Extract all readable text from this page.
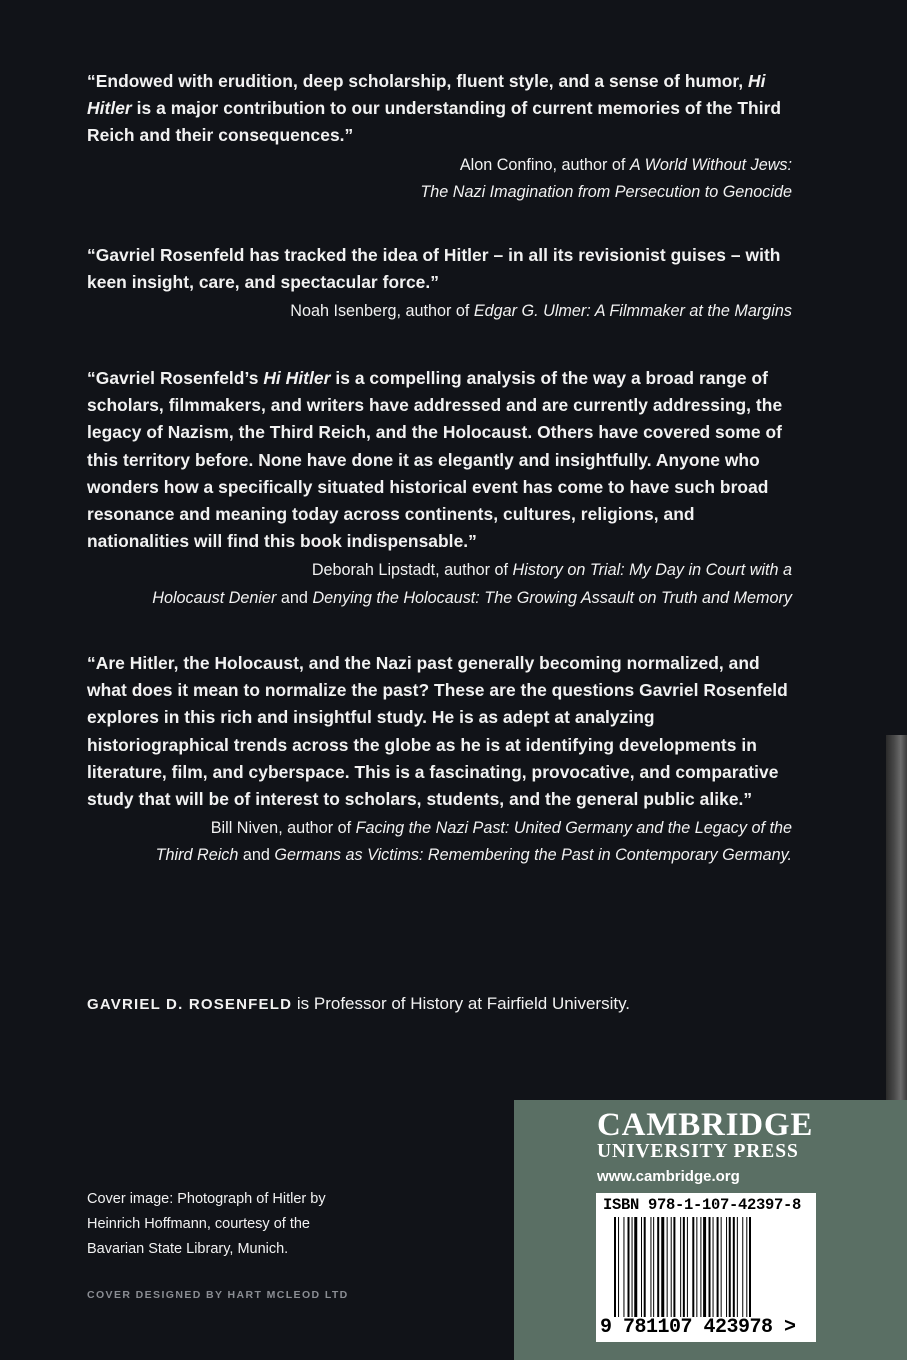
“Endowed with erudition, deep scholarship, fluent style, and a sense of humor, Hi Hitler is a major contribution to our understanding of current memories of the Third Reich and their consequences.”

Alon Confino, author of A World Without Jews:
The Nazi Imagination from Persecution to Genocide

“Gavriel Rosenfeld has tracked the idea of Hitler – in all its revisionist guises – with keen insight, care, and spectacular force.”

Noah Isenberg, author of Edgar G. Ulmer: A Filmmaker at the Margins

“Gavriel Rosenfeld’s Hi Hitler is a compelling analysis of the way a broad range of scholars, filmmakers, and writers have addressed and are currently addressing, the legacy of Nazism, the Third Reich, and the Holocaust. Others have covered some of this territory before. None have done it as elegantly and insightfully. Anyone who wonders how a specifically situated historical event has come to have such broad resonance and meaning today across continents, cultures, religions, and nationalities will find this book indispensable.”

Deborah Lipstadt, author of History on Trial: My Day in Court with a
Holocaust Denier and Denying the Holocaust: The Growing Assault on Truth and Memory

“Are Hitler, the Holocaust, and the Nazi past generally becoming normalized, and what does it mean to normalize the past? These are the questions Gavriel Rosenfeld explores in this rich and insightful study. He is as adept at analyzing historiographical trends across the globe as he is at identifying developments in literature, film, and cyberspace. This is a fascinating, provocative, and comparative study that will be of interest to scholars, students, and the general public alike.”

Bill Niven, author of Facing the Nazi Past: United Germany and the Legacy of the
Third Reich and Germans as Victims: Remembering the Past in Contemporary Germany.

GAVRIEL D. ROSENFELD is Professor of History at Fairfield University.
Cover image: Photograph of Hitler by
Heinrich Hoffmann, courtesy of the
Bavarian State Library, Munich.
COVER DESIGNED BY HART MCLEOD LTD
CAMBRIDGE
UNIVERSITY PRESS
www.cambridge.org
ISBN 978-1-107-42397-8
9 781107 423978 >
